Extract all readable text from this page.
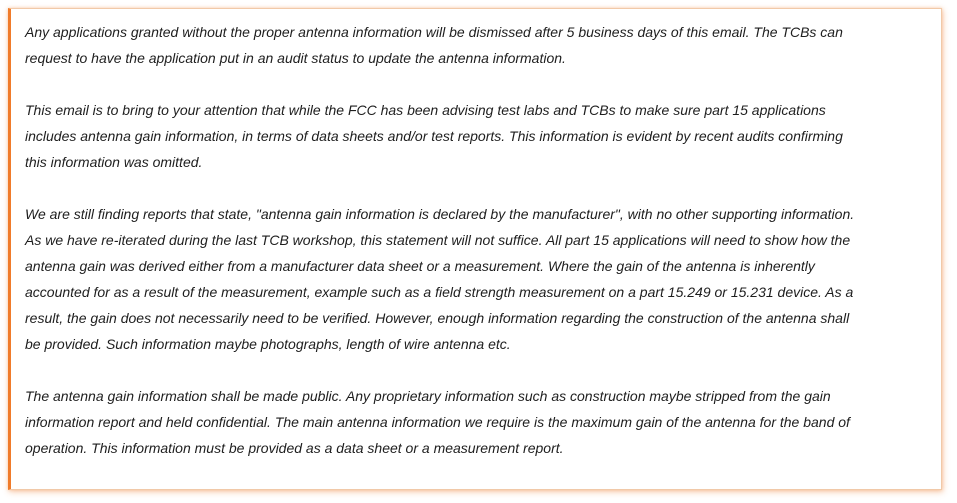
Any applications granted without the proper antenna information will be dismissed after 5 business days of this email. The TCBs can
request to have the application put in an audit status to update the antenna information.

This email is to bring to your attention that while the FCC has been advising test labs and TCBs to make sure part 15 applications
includes antenna gain information, in terms of data sheets and/or test reports. This information is evident by recent audits confirming
this information was omitted.

We are still finding reports that state, "antenna gain information is declared by the manufacturer", with no other supporting information.
As we have re-iterated during the last TCB workshop, this statement will not suffice. All part 15 applications will need to show how the
antenna gain was derived either from a manufacturer data sheet or a measurement. Where the gain of the antenna is inherently
accounted for as a result of the measurement, example such as a field strength measurement on a part 15.249 or 15.231 device. As a
result, the gain does not necessarily need to be verified. However, enough information regarding the construction of the antenna shall
be provided. Such information maybe photographs, length of wire antenna etc.

The antenna gain information shall be made public. Any proprietary information such as construction maybe stripped from the gain
information report and held confidential. The main antenna information we require is the maximum gain of the antenna for the band of
operation. This information must be provided as a data sheet or a measurement report.
